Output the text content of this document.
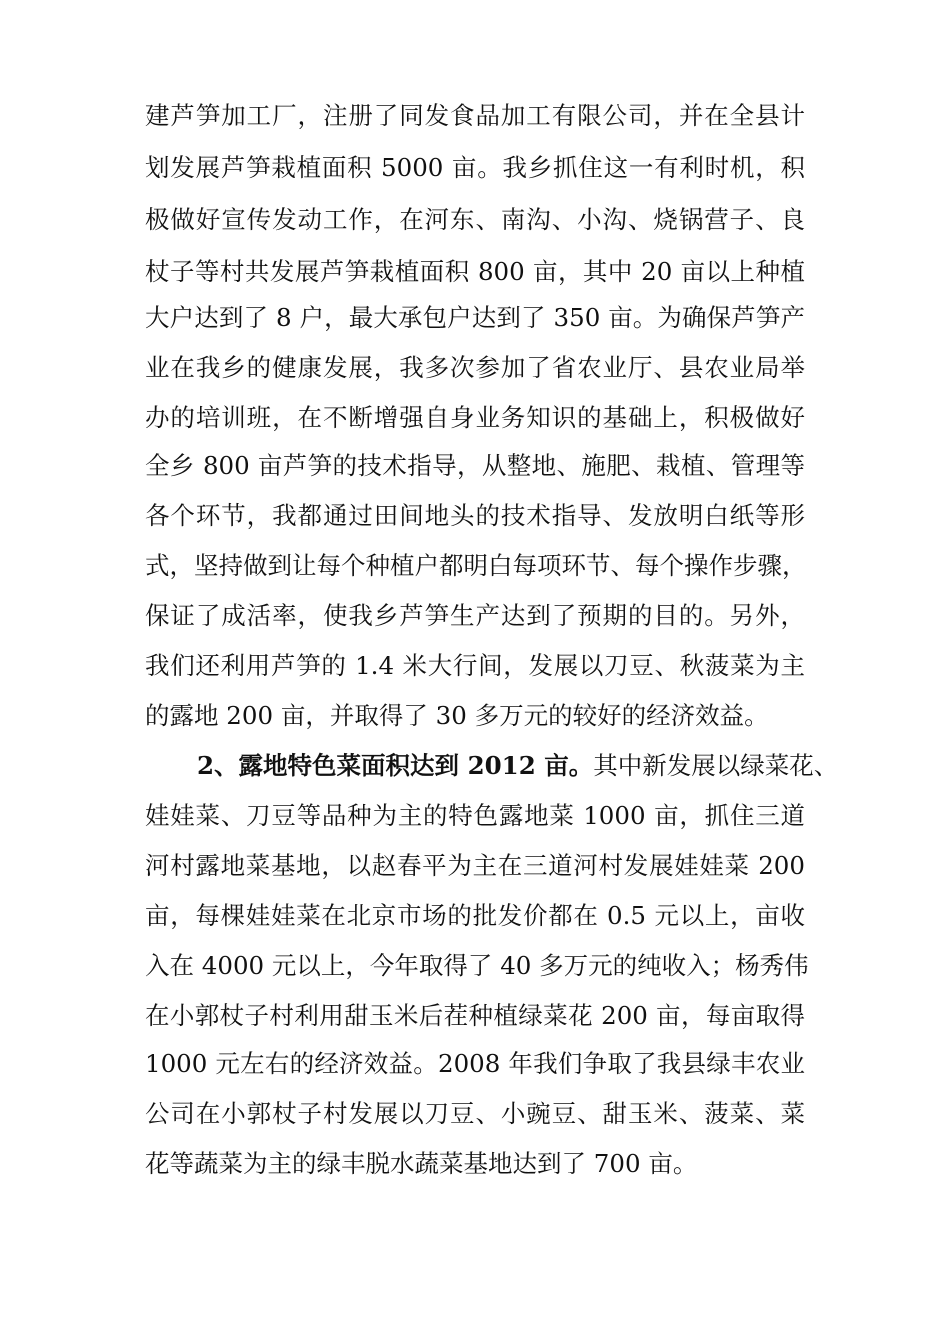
建芦笋加工厂，注册了同发食品加工有限公司，并在全县计
划发展芦笋栽植面积 5000 亩。我乡抓住这一有利时机，积
极做好宣传发动工作，在河东、南沟、小沟、烧锅营子、良
杖子等村共发展芦笋栽植面积 800 亩，其中 20 亩以上种植
大户达到了 8 户，最大承包户达到了 350 亩。为确保芦笋产
业在我乡的健康发展，我多次参加了省农业厅、县农业局举
办的培训班，在不断增强自身业务知识的基础上，积极做好
全乡 800 亩芦笋的技术指导，从整地、施肥、栽植、管理等
各个环节，我都通过田间地头的技术指导、发放明白纸等形
式，坚持做到让每个种植户都明白每项环节、每个操作步骤，
保证了成活率，使我乡芦笋生产达到了预期的目的。另外，
我们还利用芦笋的 1.4 米大行间，发展以刀豆、秋菠菜为主
的露地 200 亩，并取得了 30 多万元的较好的经济效益。
2、露地特色菜面积达到 2012 亩。其中新发展以绿菜花、
娃娃菜、刀豆等品种为主的特色露地菜 1000 亩，抓住三道
河村露地菜基地，以赵春平为主在三道河村发展娃娃菜 200
亩，每棵娃娃菜在北京市场的批发价都在 0.5 元以上，亩收
入在 4000 元以上，今年取得了 40 多万元的纯收入；杨秀伟
在小郭杖子村利用甜玉米后茬种植绿菜花 200 亩，每亩取得
1000 元左右的经济效益。2008 年我们争取了我县绿丰农业
公司在小郭杖子村发展以刀豆、小豌豆、甜玉米、菠菜、菜
花等蔬菜为主的绿丰脱水蔬菜基地达到了 700 亩。
